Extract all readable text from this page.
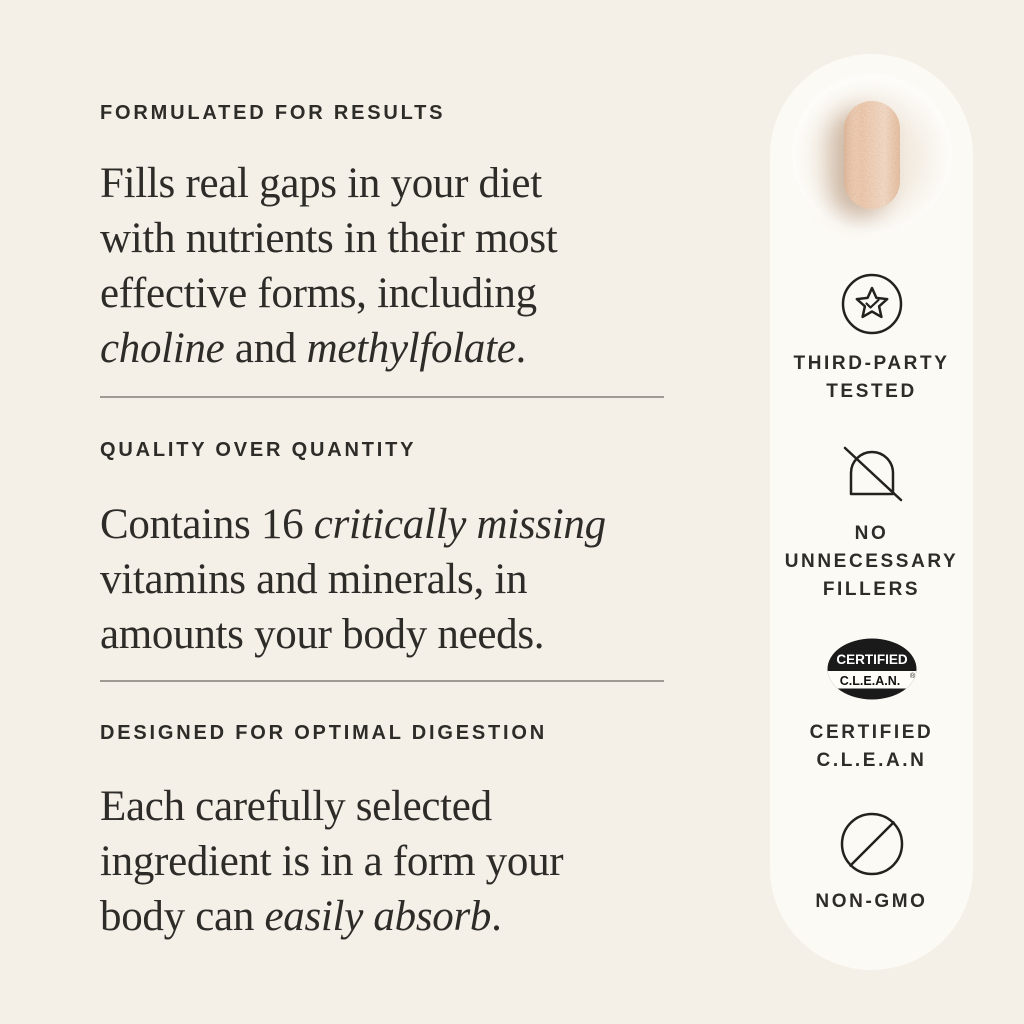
FORMULATED FOR RESULTS

Fills real gaps in your diet
with nutrients in their most
effective forms, including
choline and methylfolate.

QUALITY OVER QUANTITY

Contains 16 critically missing
vitamins and minerals, in
amounts your body needs.

DESIGNED FOR OPTIMAL DIGESTION

Each carefully selected
ingredient is in a form your
body can easily absorb.

THIRD-PARTY
TESTED
NO
UNNECESSARY
FILLERS
CERTIFIED
C.L.E.A.N. ®
CERTIFIED
C.L.E.A.N
NON-GMO
